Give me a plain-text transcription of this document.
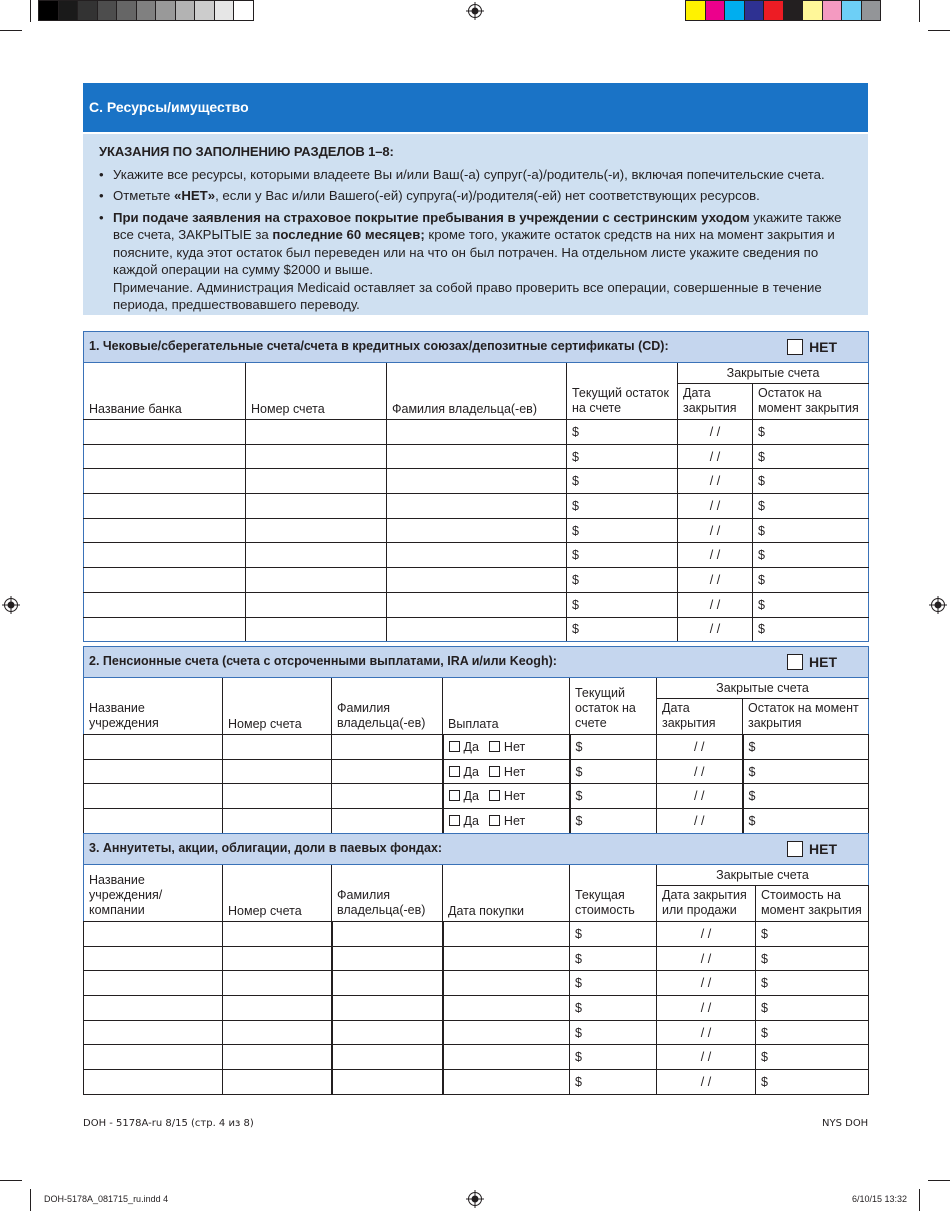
C. Ресурсы/имущество
УКАЗАНИЯ ПО ЗАПОЛНЕНИЮ РАЗДЕЛОВ 1–8:
• Укажите все ресурсы, которыми владеете Вы и/или Ваш(-а) супруг(-а)/родитель(-и), включая попечительские счета.
• Отметьте «НЕТ», если у Вас и/или Вашего(-ей) супруга(-и)/родителя(-ей) нет соответствующих ресурсов.
• При подаче заявления на страховое покрытие пребывания в учреждении с сестринским уходом укажите также все счета, ЗАКРЫТЫЕ за последние 60 месяцев; кроме того, укажите остаток средств на них на момент закрытия и поясните, куда этот остаток был переведен или на что он был потрачен. На отдельном листе укажите сведения по каждой операции на сумму $2000 и выше.
Примечание. Администрация Medicaid оставляет за собой право проверить все операции, совершенные в течение периода, предшествовавшего переводу.
1. Чековые/сберегательные счета/счета в кредитных союзах/депозитные сертификаты (CD): НЕТ					

Название банка	Номер счета	Фамилия владельца(-ев)	Текущий остаток на счете	Закрытые счета	
				Дата закрытия	Остаток на момент закрытия
			$	/ /	$
			$	/ /	$
			$	/ /	$
			$	/ /	$
			$	/ /	$
			$	/ /	$
			$	/ /	$
			$	/ /	$
			$	/ /	$
2. Пенсионные счета (счета с отсроченными выплатами, IRA и/или Keogh): НЕТ						

Название учреждения	Номер счета	Фамилия владельца(-ев)	Выплата	Текущий остаток на счете	Закрытые счета	
					Дата закрытия	Остаток на момент закрытия
			Да Нет	$	/ /	$
			Да Нет	$	/ /	$
			Да Нет	$	/ /	$
			Да Нет	$	/ /	$
3. Аннуитеты, акции, облигации, доли в паевых фондах: НЕТ						

Название учреждения/ компании	Номер счета	Фамилия владельца(-ев)	Дата покупки	Текущая стоимость	Закрытые счета	
					Дата закрытия или продажи	Стоимость на момент закрытия
				$	/ /	$
				$	/ /	$
				$	/ /	$
				$	/ /	$
				$	/ /	$
				$	/ /	$
				$	/ /	$
DOH - 5178A-ru 8/15 (стр. 4 из 8)	NYS DOH
DOH-5178A_081715_ru.indd 4	6/10/15 13:32
